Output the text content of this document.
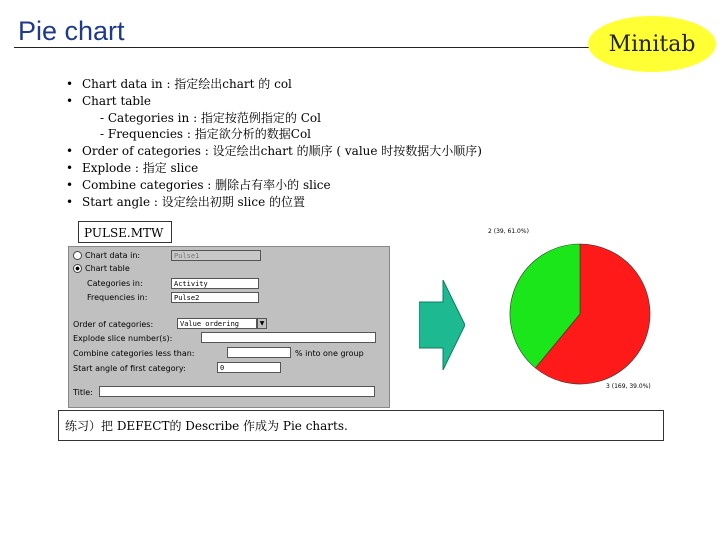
Pie chart	Minitab
• Chart data in : 指定绘出chart 的 col
• Chart table
- Categories in : 指定按范例指定的 Col
- Frequencies : 指定欲分析的数据Col
• Order of categories : 设定绘出chart 的顺序 ( value 时按数据大小顺序)
• Explode : 指定 slice
• Combine categories : 删除占有率小的 slice
• Start angle : 设定绘出初期 slice 的位置
PULSE.MTW
Chart data in:	Pulse1
Chart table
Categories in:	Activity
Frequencies in:	Pulse2
Order of categories:	Value ordering	▼
Explode slice number(s):
Combine categories less than:	% into one group
Start angle of first category:	0
Title:
2 (39, 61.0%)
3 (169, 39.0%)
练习）把 DEFECT的 Describe 作成为 Pie charts.
